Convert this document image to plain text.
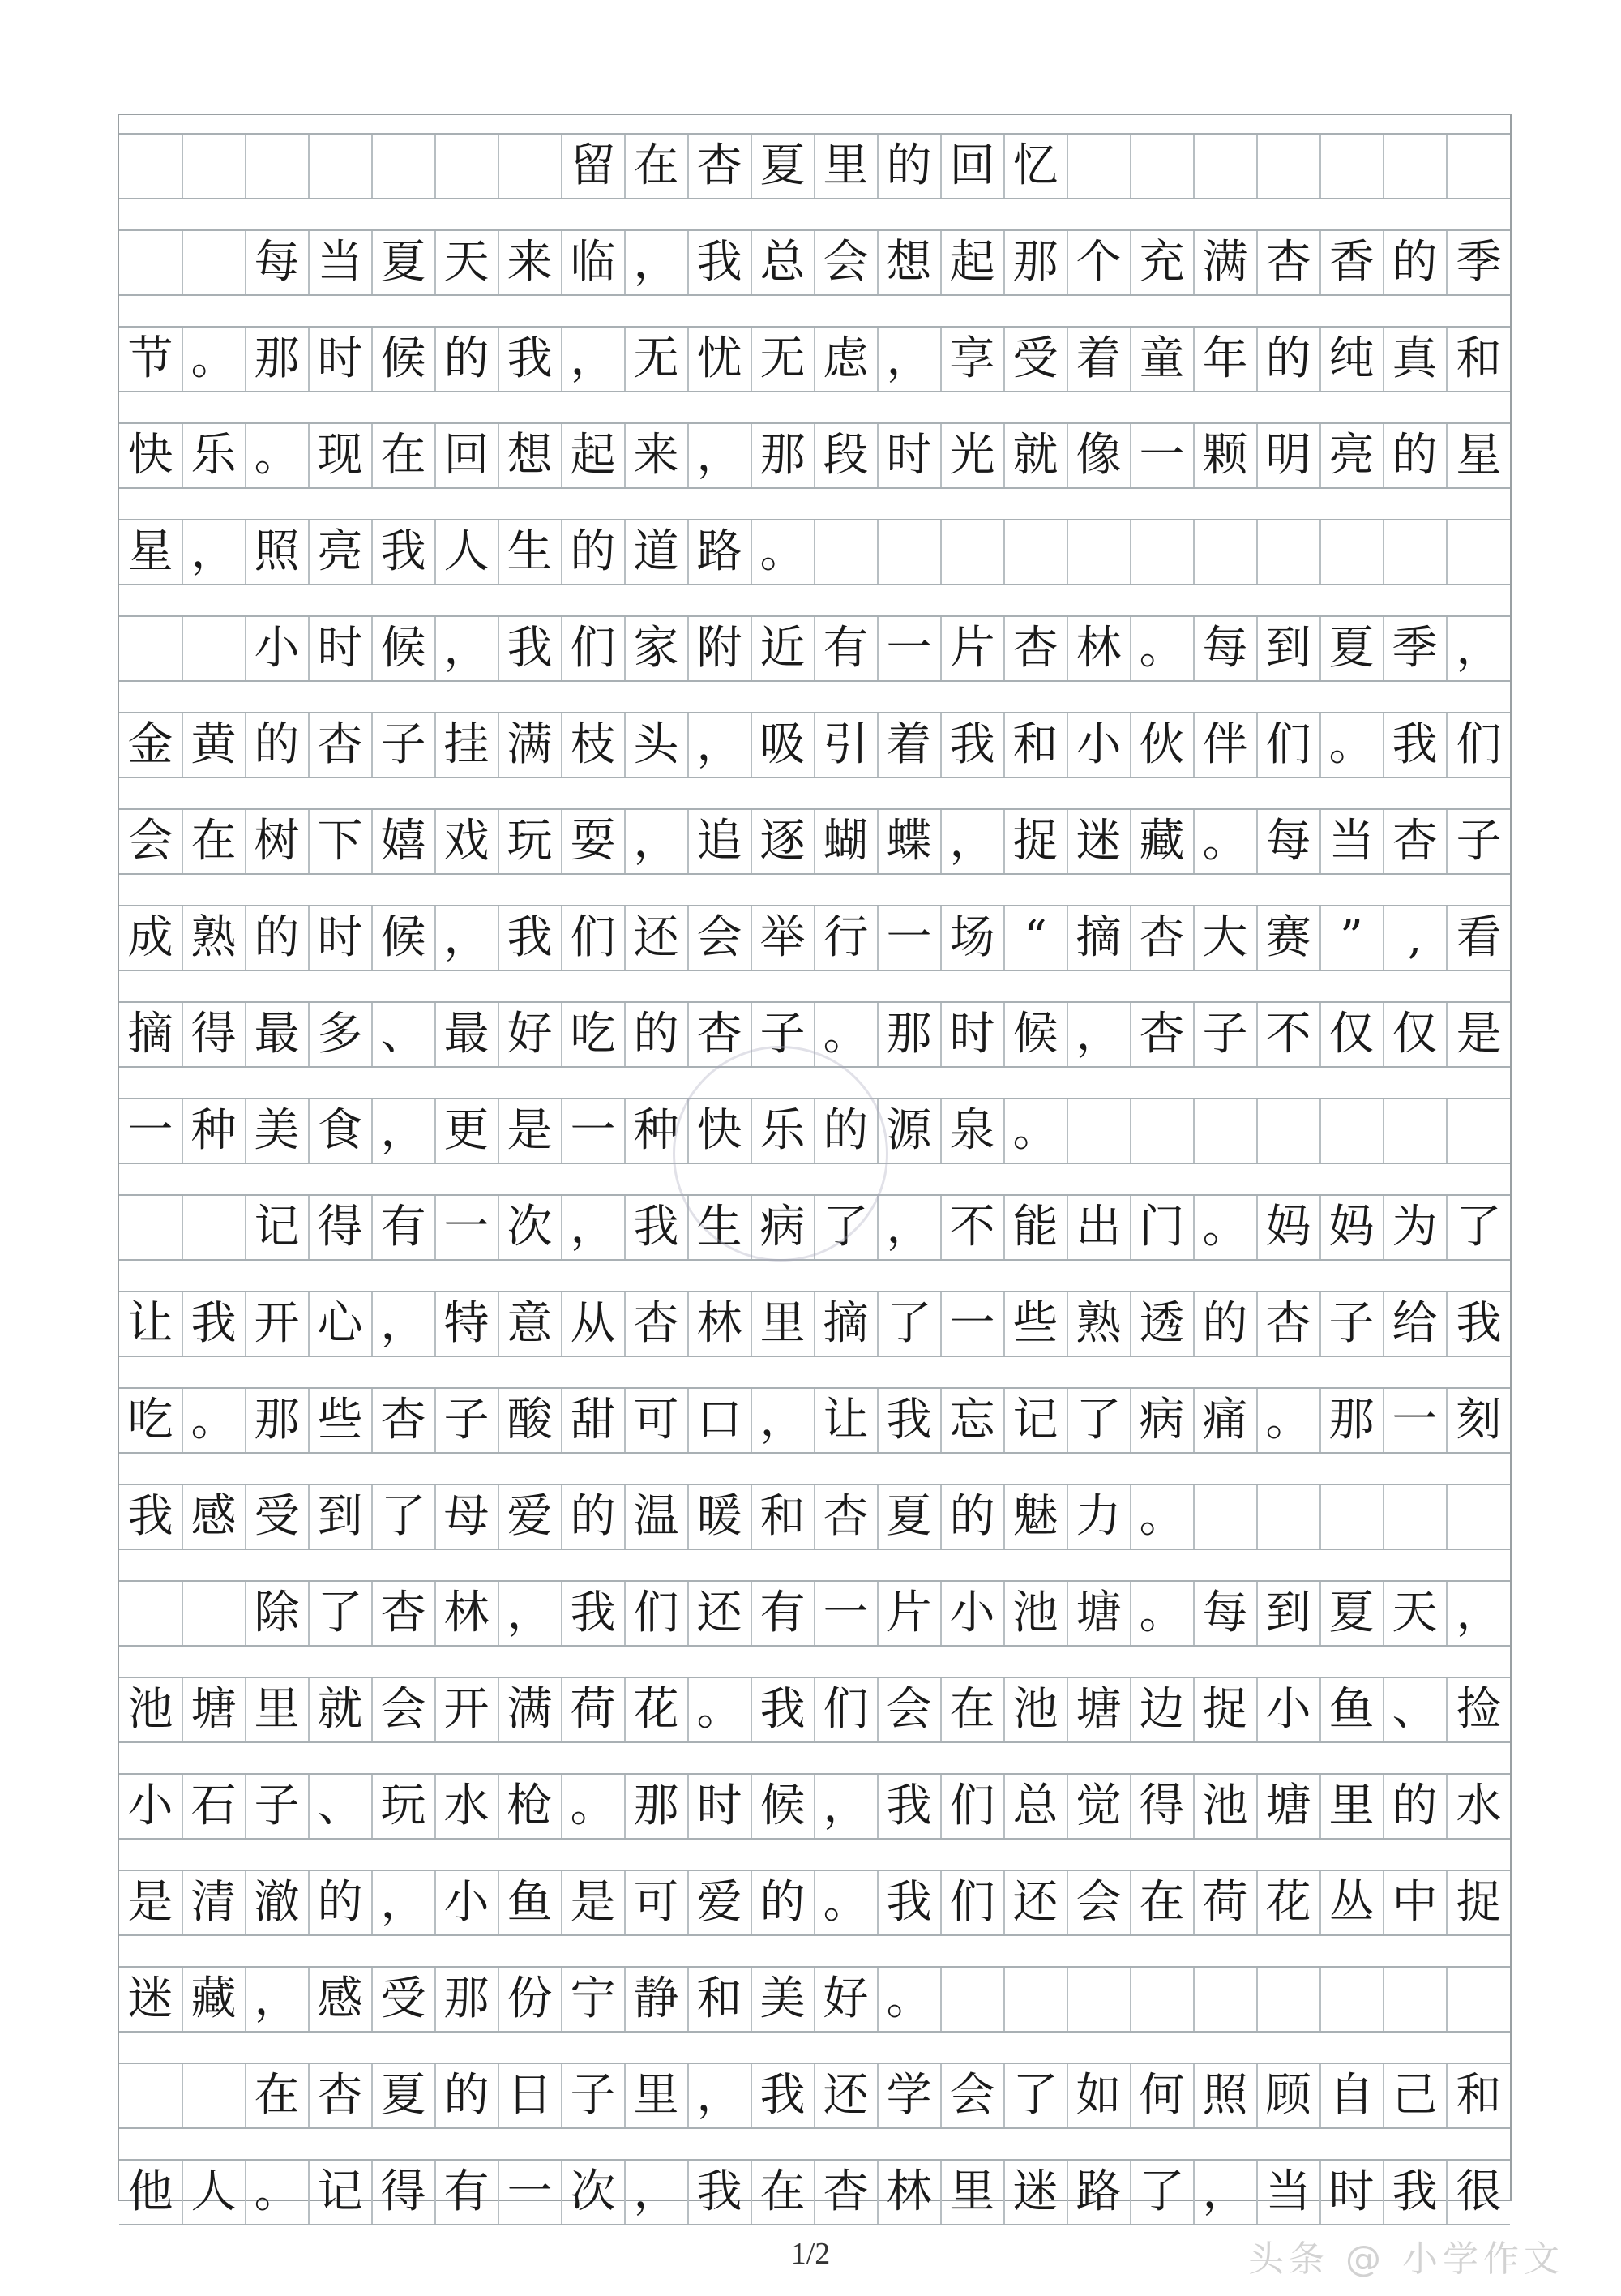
留 在 杏 夏 里 的 回 忆
每 当 夏 天 来 临 ， 我 总 会 想 起 那 个 充 满 杏 香 的 季
节 。 那 时 候 的 我 ， 无 忧 无 虑 ， 享 受 着 童 年 的 纯 真 和
快 乐 。 现 在 回 想 起 来 ， 那 段 时 光 就 像 一 颗 明 亮 的 星
星 ， 照 亮 我 人 生 的 道 路 。
小 时 候 ， 我 们 家 附 近 有 一 片 杏 林 。 每 到 夏 季 ，
金 黄 的 杏 子 挂 满 枝 头 ， 吸 引 着 我 和 小 伙 伴 们 。 我 们
会 在 树 下 嬉 戏 玩 耍 ， 追 逐 蝴 蝶 ， 捉 迷 藏 。 每 当 杏 子
成 熟 的 时 候 ， 我 们 还 会 举 行 一 场 “ 摘 杏 大 赛 ” , 看
摘 得 最 多 、 最 好 吃 的 杏 子 。 那 时 候 ， 杏 子 不 仅 仅 是
一 种 美 食 ， 更 是 一 种 快 乐 的 源 泉 。
记 得 有 一 次 ， 我 生 病 了 ， 不 能 出 门 。 妈 妈 为 了
让 我 开 心 ， 特 意 从 杏 林 里 摘 了 一 些 熟 透 的 杏 子 给 我
吃 。 那 些 杏 子 酸 甜 可 口 ， 让 我 忘 记 了 病 痛 。 那 一 刻
我 感 受 到 了 母 爱 的 温 暖 和 杏 夏 的 魅 力 。
除 了 杏 林 ， 我 们 还 有 一 片 小 池 塘 。 每 到 夏 天 ，
池 塘 里 就 会 开 满 荷 花 。 我 们 会 在 池 塘 边 捉 小 鱼 、 捡
小 石 子 、 玩 水 枪 。 那 时 候 ， 我 们 总 觉 得 池 塘 里 的 水
是 清 澈 的 ， 小 鱼 是 可 爱 的 。 我 们 还 会 在 荷 花 丛 中 捉
迷 藏 ， 感 受 那 份 宁 静 和 美 好 。
在 杏 夏 的 日 子 里 ， 我 还 学 会 了 如 何 照 顾 自 己 和
他 人 。 记 得 有 一 次 ， 我 在 杏 林 里 迷 路 了 ， 当 时 我 很
1/2	头条 @ 小学作文
